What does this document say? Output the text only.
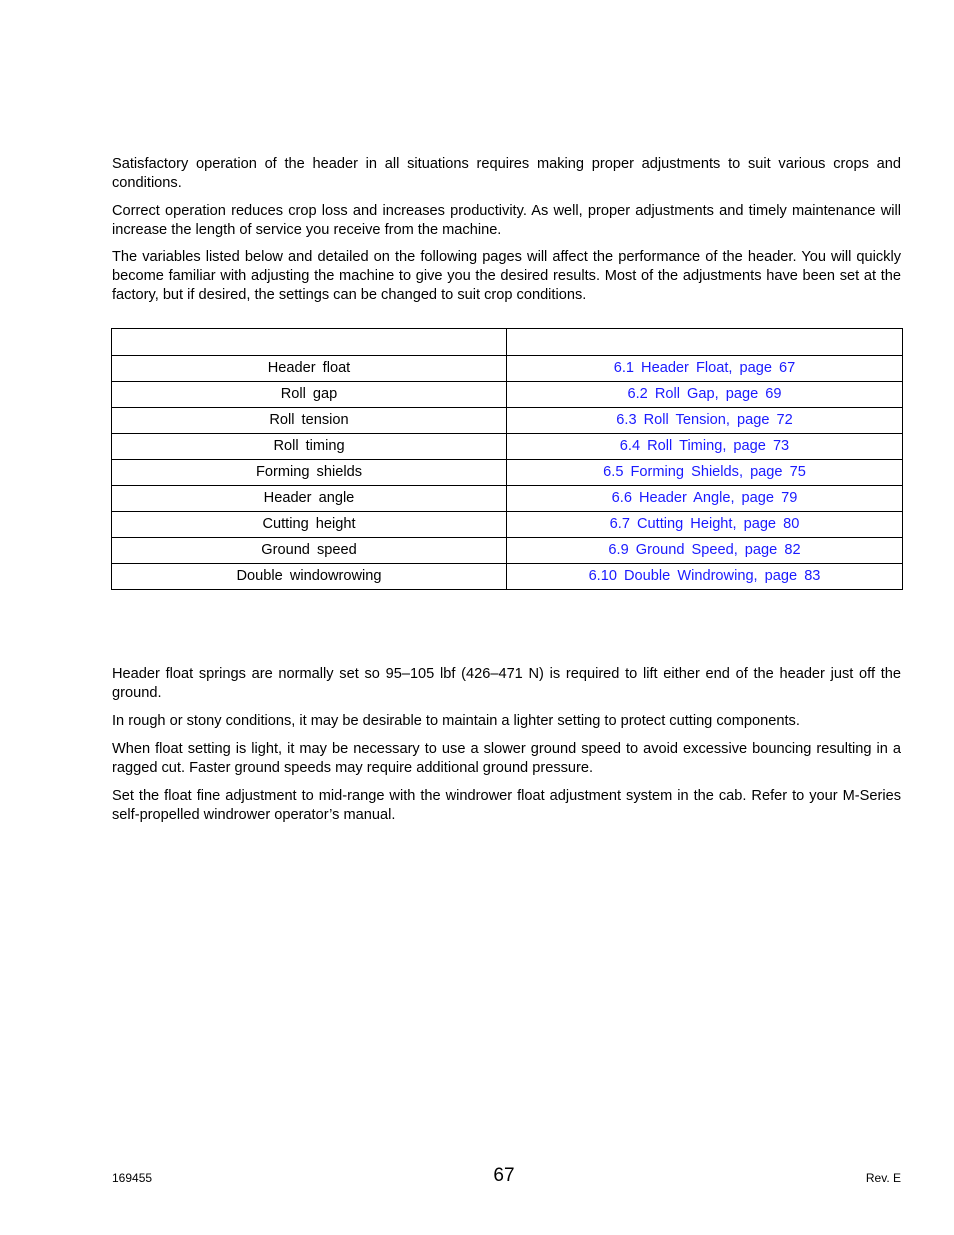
Satisfactory operation of the header in all situations requires making proper adjustments to suit various crops and conditions.

Correct operation reduces crop loss and increases productivity. As well, proper adjustments and timely maintenance will increase the length of service you receive from the machine.

The variables listed below and detailed on the following pages will affect the performance of the header. You will quickly become familiar with adjusting the machine to give you the desired results. Most of the adjustments have been set at the factory, but if desired, the settings can be changed to suit crop conditions.

Header float	6.1 Header Float, page 67
Roll gap	6.2 Roll Gap, page 69
Roll tension	6.3 Roll Tension, page 72
Roll timing	6.4 Roll Timing, page 73
Forming shields	6.5 Forming Shields, page 75
Header angle	6.6 Header Angle, page 79
Cutting height	6.7 Cutting Height, page 80
Ground speed	6.9 Ground Speed, page 82
Double windowrowing	6.10 Double Windrowing, page 83

Header float springs are normally set so 95–105 lbf (426–471 N) is required to lift either end of the header just off the ground.

In rough or stony conditions, it may be desirable to maintain a lighter setting to protect cutting components.

When float setting is light, it may be necessary to use a slower ground speed to avoid excessive bouncing resulting in a ragged cut. Faster ground speeds may require additional ground pressure.

Set the float fine adjustment to mid-range with the windrower float adjustment system in the cab. Refer to your M-Series self-propelled windrower operator’s manual.

169455	67	Rev. E
